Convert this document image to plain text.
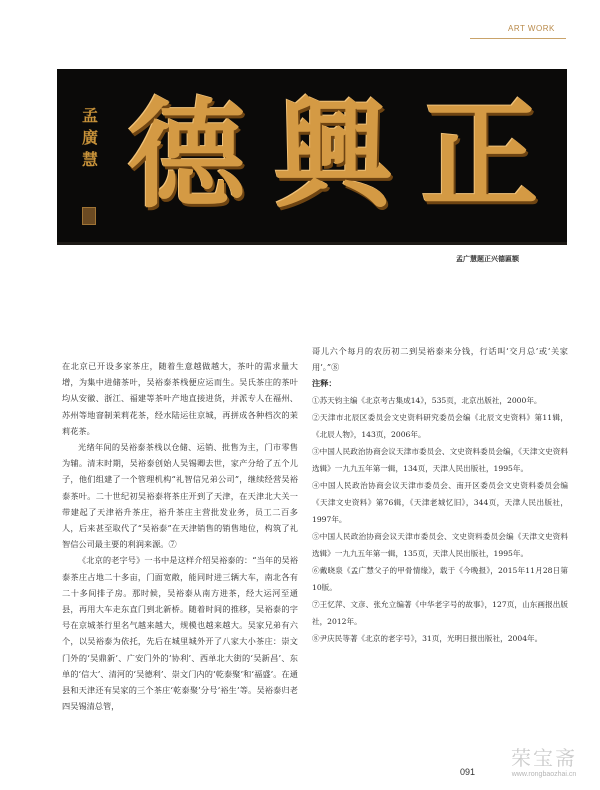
ART WORK
孟
廣
慧 德 興 正
孟广慧题正兴德匾额

在北京已开设多家茶庄，随着生意越做越大，茶叶的需求量大增，为集中进储茶叶，吴裕泰茶栈便应运而生。吴氏茶庄的茶叶均从安徽、浙江、福建等茶叶产地直接进货，并派专人在福州、苏州等地窨制茉莉花茶，经水陆运往京城，再拼成各种档次的茉莉花茶。

光绪年间的吴裕泰茶栈以仓储、运销、批售为主，门市零售为辅。清末时期，吴裕泰创始人吴锡卿去世，家产分给了五个儿子，他们组建了一个管理机构“礼智信兄弟公司”，继续经营吴裕泰茶叶。二十世纪初吴裕泰将茶庄开到了天津，在天津北大关一带建起了天津裕升茶庄，裕升茶庄主营批发业务，员工二百多人，后来甚至取代了“吴裕泰”在天津销售的销售地位，构筑了礼智信公司最主要的利润来源。⑦

《北京的老字号》一书中是这样介绍吴裕泰的：“当年的吴裕泰茶庄占地二十多亩，门面宽敞，能同时进三辆大车，南北各有二十多间排子房。那时候，吴裕泰从南方进茶，经大运河至通县，再用大车走东直门到北新桥。随着时间的推移，吴裕泰的字号在京城茶行里名气越来越大，规模也越来越大。吴家兄弟有六个，以吴裕泰为依托，先后在城里城外开了八家大小茶庄：崇文门外的‘吴鼎新’、广安门外的‘协利’、西单北大街的‘吴新昌’、东单的‘信大’、清河的‘吴德利’、崇文门内的‘乾泰聚’和‘福盛’。在通县和天津还有吴家的三个茶庄‘乾泰聚’分号‘裕生’等。吴裕泰归老四吴锡清总管，

哥儿六个每月的农历初二到吴裕泰来分钱，行话叫‘交月总’或‘关家用’。”⑧

注释：

①苏天钧主编《北京考古集成14》，535页，北京出版社，2000年。

②天津市北辰区委员会文史资料研究委员会编《北辰文史资料》第11辑，《北辰人物》，143页，2006年。

③中国人民政治协商会议天津市委员会、文史资料委员会编，《天津文史资料选辑》一九九五年第一辑，134页，天津人民出版社，1995年。

④中国人民政治协商会议天津市委员会、南开区委员会文史资料委员会编《天津文史资料》第76辑，《天津老城忆旧》，344页，天津人民出版社，1997年。

⑤中国人民政治协商会议天津市委员会、文史资料委员会编《天津文史资料选辑》一九九五年第一辑，135页，天津人民出版社，1995年。

⑥戴晓泉《孟广慧父子的甲骨情缘》，载于《今晚报》，2015年11月28日第10版。

⑦王忆萍、文彦、张允立编著《中华老字号的故事》，127页，山东画报出版社，2012年。

⑧尹庆民等著《北京的老字号》，31页，光明日报出版社，2004年。

091
荣宝斋
www.rongbaozhai.cn
